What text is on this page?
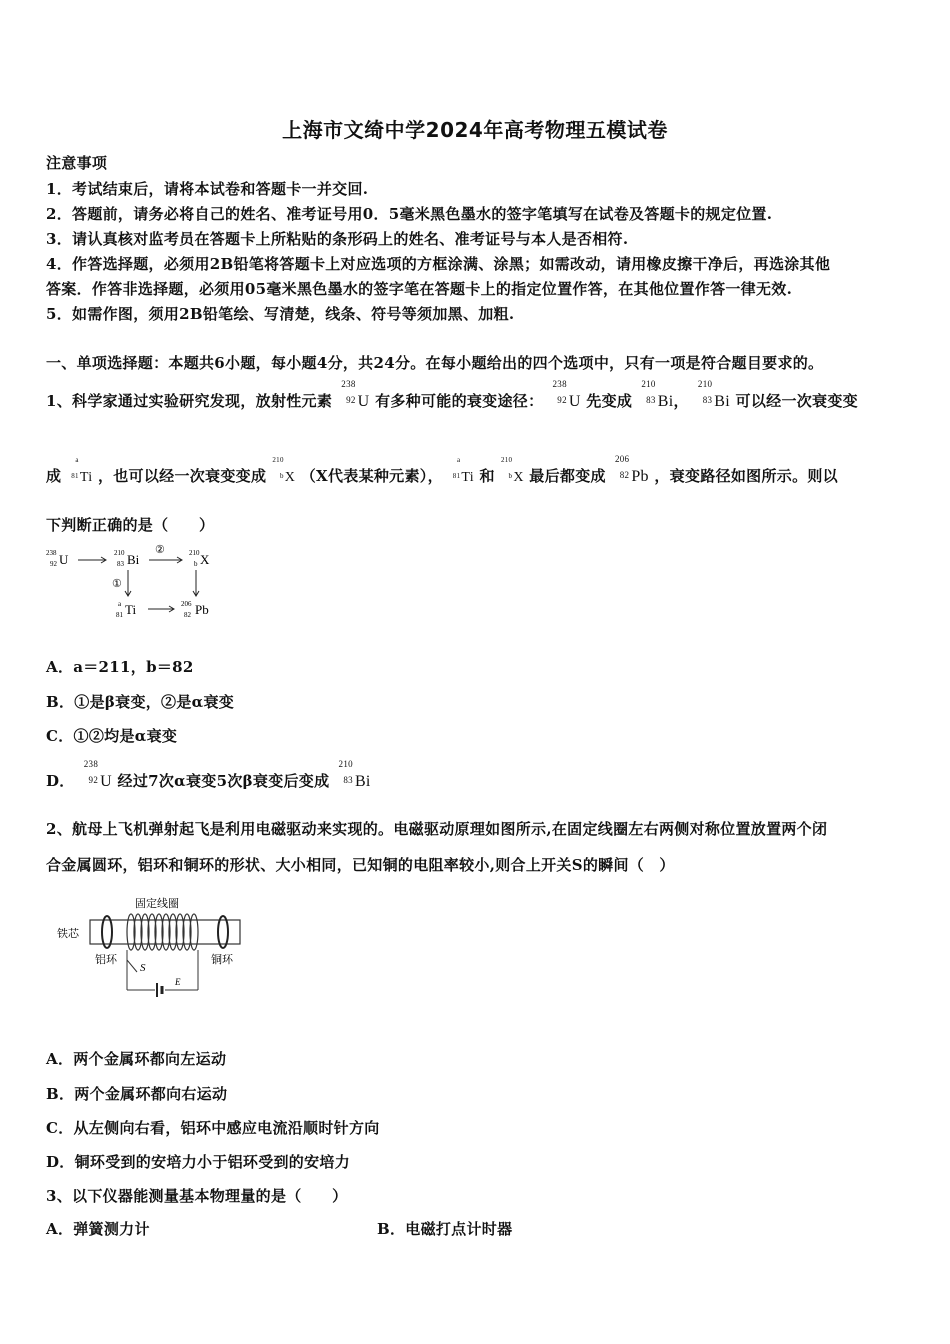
上海市文绮中学2024年高考物理五模试卷
注意事项
1．考试结束后，请将本试卷和答题卡一并交回.
2．答题前，请务必将自己的姓名、准考证号用0．5毫米黑色墨水的签字笔填写在试卷及答题卡的规定位置.
3．请认真核对监考员在答题卡上所粘贴的条形码上的姓名、准考证号与本人是否相符.
4．作答选择题，必须用2B铅笔将答题卡上对应选项的方框涂满、涂黑；如需改动，请用橡皮擦干净后，再选涂其他
答案．作答非选择题，必须用05毫米黑色墨水的签字笔在答题卡上的指定位置作答，在其他位置作答一律无效.
5．如需作图，须用2B铅笔绘、写清楚，线条、符号等须加黑、加粗.
一、单项选择题：本题共6小题，每小题4分，共24分。在每小题给出的四个选项中，只有一项是符合题目要求的。
1、科学家通过实验研究发现，放射性元素
238
92 U 有多种可能的衰变途径：
238
92 U 先变成
210
83 Bi，
210
83 Bi 可以经一次衰变变
成
a
81 Ti ，也可以经一次衰变变成
210
b X （X代表某种元素），
a
81 Ti 和
210
b X 最后都变成
206
82 Pb ，衰变路径如图所示。则以
下判断正确的是（　　）
238
92 U	210
83 Bi	210
b X
a
81 Ti	206
82 Pb
②
①
A．a＝211，b＝82
B．①是β衰变，②是α衰变
C．①②均是α衰变
D．
238
92 U 经过7次α衰变5次β衰变后变成
210
83 Bi
2、航母上飞机弹射起飞是利用电磁驱动来实现的。电磁驱动原理如图所示,在固定线圈左右两侧对称位置放置两个闭
合金属圆环，铝环和铜环的形状、大小相同，已知铜的电阻率较小,则合上开关S的瞬间（　）
固定线圈
铁芯
S
E
铝环	铜环
A．两个金属环都向左运动
B．两个金属环都向右运动
C．从左侧向右看，铝环中感应电流沿顺时针方向
D．铜环受到的安培力小于铝环受到的安培力
3、以下仪器能测量基本物理量的是（　　）
A．弹簧测力计	B．电磁打点计时器
